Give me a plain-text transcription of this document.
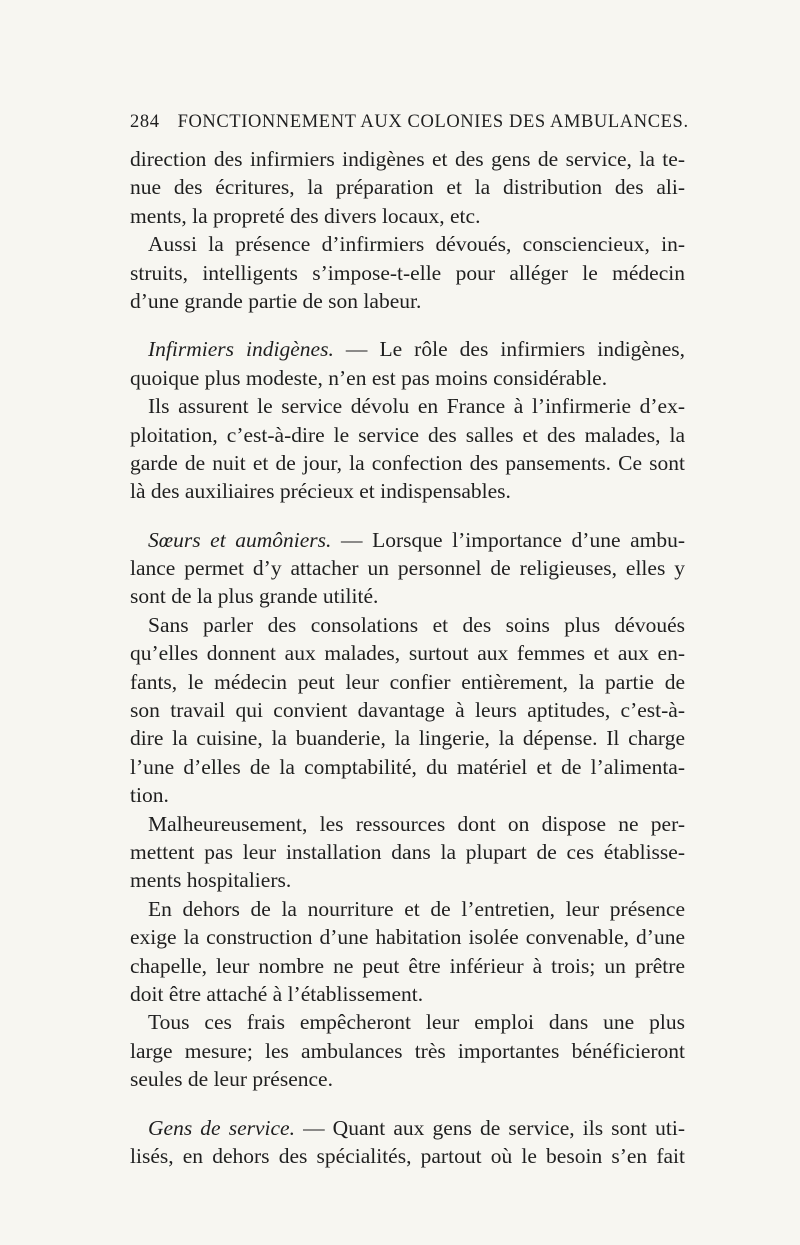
284 FONCTIONNEMENT AUX COLONIES DES AMBULANCES.
direction des infirmiers indigènes et des gens de service, la te-
nue des écritures, la préparation et la distribution des ali-
ments, la propreté des divers locaux, etc.
Aussi la présence d’infirmiers dévoués, consciencieux, in-
struits, intelligents s’impose-t-elle pour alléger le médecin
d’une grande partie de son labeur.
Infirmiers indigènes. — Le rôle des infirmiers indigènes,
quoique plus modeste, n’en est pas moins considérable.
Ils assurent le service dévolu en France à l’infirmerie d’ex-
ploitation, c’est-à-dire le service des salles et des malades, la
garde de nuit et de jour, la confection des pansements. Ce sont
là des auxiliaires précieux et indispensables.
Sœurs et aumôniers. — Lorsque l’importance d’une ambu-
lance permet d’y attacher un personnel de religieuses, elles y
sont de la plus grande utilité.
Sans parler des consolations et des soins plus dévoués
qu’elles donnent aux malades, surtout aux femmes et aux en-
fants, le médecin peut leur confier entièrement, la partie de
son travail qui convient davantage à leurs aptitudes, c’est-à-
dire la cuisine, la buanderie, la lingerie, la dépense. Il charge
l’une d’elles de la comptabilité, du matériel et de l’alimenta-
tion.
Malheureusement, les ressources dont on dispose ne per-
mettent pas leur installation dans la plupart de ces établisse-
ments hospitaliers.
En dehors de la nourriture et de l’entretien, leur présence
exige la construction d’une habitation isolée convenable, d’une
chapelle, leur nombre ne peut être inférieur à trois; un prêtre
doit être attaché à l’établissement.
Tous ces frais empêcheront leur emploi dans une plus
large mesure; les ambulances très importantes bénéficieront
seules de leur présence.
Gens de service. — Quant aux gens de service, ils sont uti-
lisés, en dehors des spécialités, partout où le besoin s’en fait
